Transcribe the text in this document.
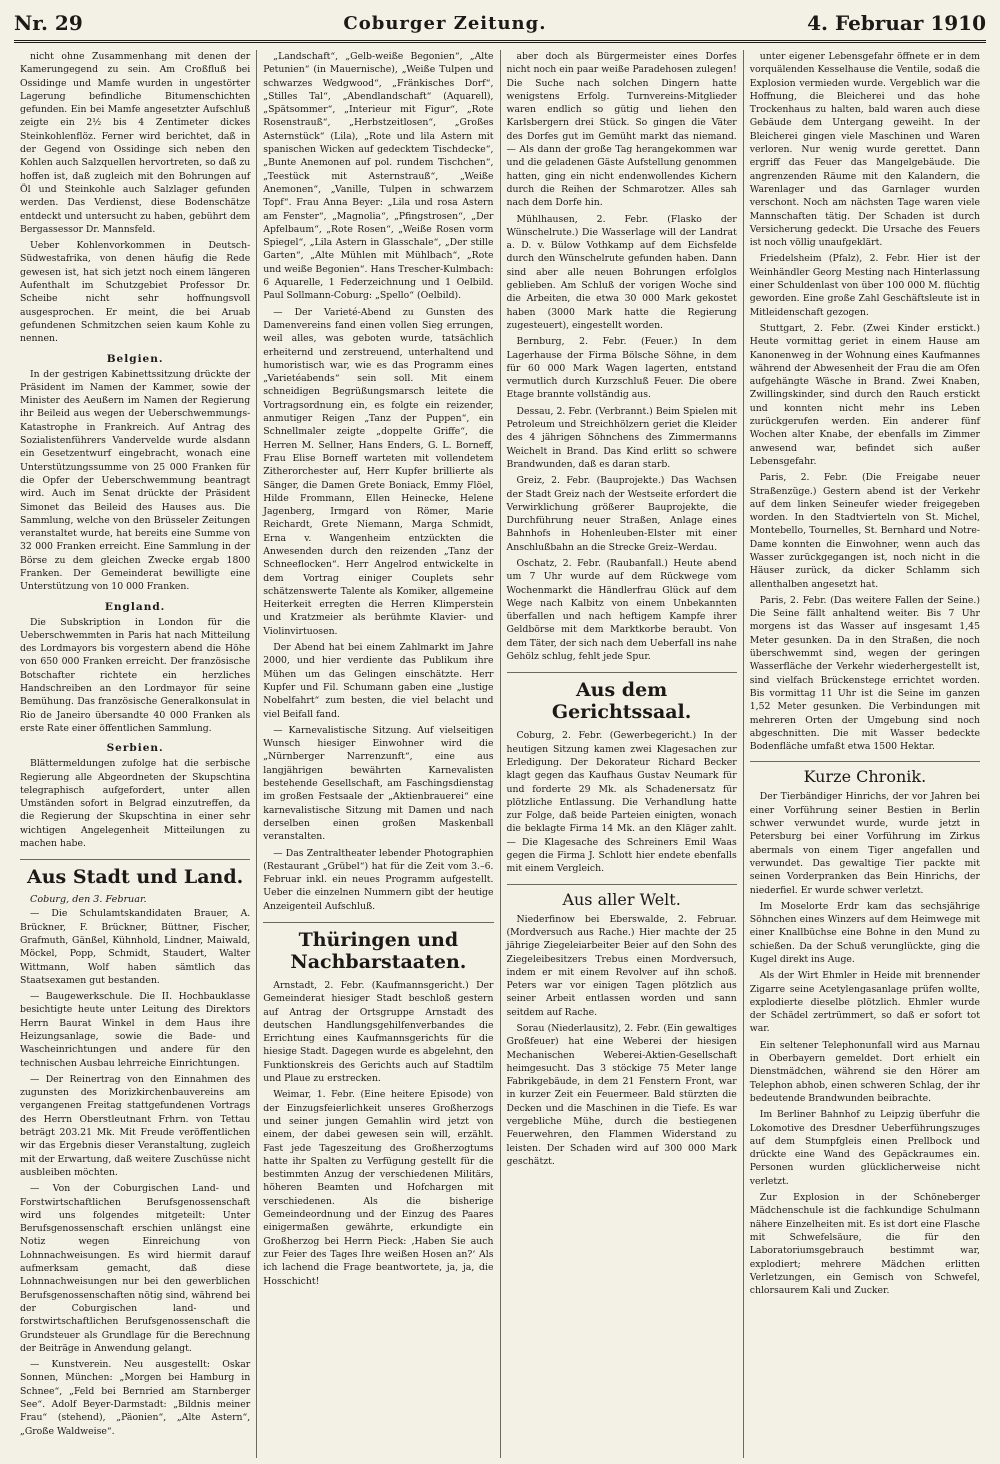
Nr. 29	Coburger Zeitung.	4. Februar 1910

nicht ohne Zusammenhang mit denen der Kamerungegend zu sein. Am Croßfluß bei Ossidinge und Mamfe wurden in ungestörter Lagerung befindliche Bitumenschichten gefunden. Ein bei Mamfe angesetzter Aufschluß zeigte ein 2½ bis 4 Zentimeter dickes Steinkohlenflöz. Ferner wird berichtet, daß in der Gegend von Ossidinge sich neben den Kohlen auch Salzquellen hervortreten, so daß zu hoffen ist, daß zugleich mit den Bohrungen auf Öl und Steinkohle auch Salzlager gefunden werden. Das Verdienst, diese Bodenschätze entdeckt und untersucht zu haben, gebührt dem Bergassessor Dr. Mannsfeld.

Ueber Kohlenvorkommen in Deutsch-Südwestafrika, von denen häufig die Rede gewesen ist, hat sich jetzt noch einem längeren Aufenthalt im Schutzgebiet Professor Dr. Scheibe nicht sehr hoffnungsvoll ausgesprochen. Er meint, die bei Aruab gefundenen Schmitzchen seien kaum Kohle zu nennen.

Belgien.

In der gestrigen Kabinettssitzung drückte der Präsident im Namen der Kammer, sowie der Minister des Aeußern im Namen der Regierung ihr Beileid aus wegen der Ueberschwemmungs-Katastrophe in Frankreich. Auf Antrag des Sozialistenführers Vandervelde wurde alsdann ein Gesetzentwurf eingebracht, wonach eine Unterstützungssumme von 25 000 Franken für die Opfer der Ueberschwemmung beantragt wird. Auch im Senat drückte der Präsident Simonet das Beileid des Hauses aus. Die Sammlung, welche von den Brüsseler Zeitungen veranstaltet wurde, hat bereits eine Summe von 32 000 Franken erreicht. Eine Sammlung in der Börse zu dem gleichen Zwecke ergab 1800 Franken. Der Gemeinderat bewilligte eine Unterstützung von 10 000 Franken.

England.

Die Subskription in London für die Ueberschwemmten in Paris hat nach Mitteilung des Lordmayors bis vorgestern abend die Höhe von 650 000 Franken erreicht. Der französische Botschafter richtete ein herzliches Handschreiben an den Lordmayor für seine Bemühung. Das französische Generalkonsulat in Rio de Janeiro übersandte 40 000 Franken als erste Rate einer öffentlichen Sammlung.

Serbien.

Blättermeldungen zufolge hat die serbische Regierung alle Abgeordneten der Skupschtina telegraphisch aufgefordert, unter allen Umständen sofort in Belgrad einzutreffen, da die Regierung der Skupschtina in einer sehr wichtigen Angelegenheit Mitteilungen zu machen habe.

Aus Stadt und Land.
Coburg, den 3. Februar.

— Die Schulamtskandidaten Brauer, A. Brückner, F. Brückner, Büttner, Fischer, Grafmuth, Gänßel, Kühnhold, Lindner, Maiwald, Möckel, Popp, Schmidt, Staudert, Walter Wittmann, Wolf haben sämtlich das Staatsexamen gut bestanden.

— Baugewerkschule. Die II. Hochbauklasse besichtigte heute unter Leitung des Direktors Herrn Baurat Winkel in dem Haus ihre Heizungsanlage, sowie die Bade- und Wascheinrichtungen und andere für den technischen Ausbau lehrreiche Einrichtungen.

— Der Reinertrag von den Einnahmen des zugunsten des Morizkirchenbauvereins am vergangenen Freitag stattgefundenen Vortrags des Herrn Oberstleutnant Frhrn. von Tettau beträgt 203.21 Mk. Mit Freude veröffentlichen wir das Ergebnis dieser Veranstaltung, zugleich mit der Erwartung, daß weitere Zuschüsse nicht ausbleiben möchten.

— Von der Coburgischen Land- und Forstwirtschaftlichen Berufsgenossenschaft wird uns folgendes mitgeteilt: Unter Berufsgenossenschaft erschien unlängst eine Notiz wegen Einreichung von Lohnnachweisungen. Es wird hiermit darauf aufmerksam gemacht, daß diese Lohnnachweisungen nur bei den gewerblichen Berufsgenossenschaften nötig sind, während bei der Coburgischen land- und forstwirtschaftlichen Berufsgenossenschaft die Grundsteuer als Grundlage für die Berechnung der Beiträge in Anwendung gelangt.

— Kunstverein. Neu ausgestellt: Oskar Sonnen, München: „Morgen bei Hamburg in Schnee“, „Feld bei Bernried am Starnberger See“. Adolf Beyer-Darmstadt: „Bildnis meiner Frau“ (stehend), „Päonien“, „Alte Astern“, „Große Waldweise“.

„Landschaft“, „Gelb-weiße Begonien“, „Alte Petunien“ (in Mauernische), „Weiße Tulpen und schwarzes Wedgwood“, „Fränkisches Dorf“, „Stilles Tal“, „Abendlandschaft“ (Aquarell), „Spätsommer“, „Interieur mit Figur“, „Rote Rosenstrauß“, „Herbstzeitlosen“, „Großes Asternstück“ (Lila), „Rote und lila Astern mit spanischen Wicken auf gedecktem Tischdecke“, „Bunte Anemonen auf pol. rundem Tischchen“, „Teestück mit Asternstrauß“, „Weiße Anemonen“, „Vanille, Tulpen in schwarzem Topf“. Frau Anna Beyer: „Lila und rosa Astern am Fenster“, „Magnolia“, „Pfingstrosen“, „Der Apfelbaum“, „Rote Rosen“, „Weiße Rosen vorm Spiegel“, „Lila Astern in Glasschale“, „Der stille Garten“, „Alte Mühlen mit Mühlbach“, „Rote und weiße Begonien“. Hans Trescher-Kulmbach: 6 Aquarelle, 1 Federzeichnung und 1 Oelbild. Paul Sollmann-Coburg: „Spello“ (Oelbild).

— Der Varieté-Abend zu Gunsten des Damenvereins fand einen vollen Sieg errungen, weil alles, was geboten wurde, tatsächlich erheiternd und zerstreuend, unterhaltend und humoristisch war, wie es das Programm eines „Varietéabends“ sein soll. Mit einem schneidigen Begrüßungsmarsch leitete die Vortragsordnung ein, es folgte ein reizender, anmutiger Reigen „Tanz der Puppen“, ein Schnellmaler zeigte „doppelte Griffe“, die Herren M. Sellner, Hans Enders, G. L. Borneff, Frau Elise Borneff warteten mit vollendetem Zitherorchester auf, Herr Kupfer brillierte als Sänger, die Damen Grete Boniack, Emmy Flöel, Hilde Frommann, Ellen Heinecke, Helene Jagenberg, Irmgard von Römer, Marie Reichardt, Grete Niemann, Marga Schmidt, Erna v. Wangenheim entzückten die Anwesenden durch den reizenden „Tanz der Schneeflocken“. Herr Angelrod entwickelte in dem Vortrag einiger Couplets sehr schätzenswerte Talente als Komiker, allgemeine Heiterkeit erregten die Herren Klimperstein und Kratzmeier als berühmte Klavier- und Violinvirtuosen.

Der Abend hat bei einem Zahlmarkt im Jahre 2000, und hier verdiente das Publikum ihre Mühen um das Gelingen einschätzte. Herr Kupfer und Fil. Schumann gaben eine „lustige Nobelfahrt“ zum besten, die viel belacht und viel Beifall fand.

— Karnevalistische Sitzung. Auf vielseitigen Wunsch hiesiger Einwohner wird die „Nürnberger Narrenzunft“, eine aus langjährigen bewährten Karnevalisten bestehende Gesellschaft, am Faschingsdienstag im großen Festsaale der „Aktienbrauerei“ eine karnevalistische Sitzung mit Damen und nach derselben einen großen Maskenball veranstalten.

— Das Zentraltheater lebender Photographien (Restaurant „Grübel“) hat für die Zeit vom 3.–6. Februar inkl. ein neues Programm aufgestellt. Ueber die einzelnen Nummern gibt der heutige Anzeigenteil Aufschluß.

Thüringen und Nachbarstaaten.

Arnstadt, 2. Febr. (Kaufmannsgericht.) Der Gemeinderat hiesiger Stadt beschloß gestern auf Antrag der Ortsgruppe Arnstadt des deutschen Handlungsgehilfenverbandes die Errichtung eines Kaufmannsgerichts für die hiesige Stadt. Dagegen wurde es abgelehnt, den Funktionskreis des Gerichts auch auf Stadtilm und Plaue zu erstrecken.

Weimar, 1. Febr. (Eine heitere Episode) von der Einzugsfeierlichkeit unseres Großherzogs und seiner jungen Gemahlin wird jetzt von einem, der dabei gewesen sein will, erzählt. Fast jede Tageszeitung des Großherzogtums hatte ihr Spalten zu Verfügung gestellt für die bestimmten Anzug der verschiedenen Militärs, höheren Beamten und Hofchargen mit verschiedenen. Als die bisherige Gemeindeordnung und der Einzug des Paares einigermaßen gewährte, erkundigte ein Großherzog bei Herrn Pieck: ‚Haben Sie auch zur Feier des Tages Ihre weißen Hosen an?‘ Als ich lachend die Frage beantwortete, ja, ja, die Hosschicht!

aber doch als Bürgermeister eines Dorfes nicht noch ein paar weiße Paradehosen zulegen! Die Suche nach solchen Dingern hatte wenigstens Erfolg. Turnvereins-Mitglieder waren endlich so gütig und liehen den Karlsbergern drei Stück. So gingen die Väter des Dorfes gut im Gemüht markt das niemand. — Als dann der große Tag herangekommen war und die geladenen Gäste Aufstellung genommen hatten, ging ein nicht endenwollendes Kichern durch die Reihen der Schmarotzer. Alles sah nach dem Dorfe hin.

Mühlhausen, 2. Febr. (Flasko der Wünschelrute.) Die Wasserlage will der Landrat a. D. v. Bülow Vothkamp auf dem Eichsfelde durch den Wünschelrute gefunden haben. Dann sind aber alle neuen Bohrungen erfolglos geblieben. Am Schluß der vorigen Woche sind die Arbeiten, die etwa 30 000 Mark gekostet haben (3000 Mark hatte die Regierung zugesteuert), eingestellt worden.

Bernburg, 2. Febr. (Feuer.) In dem Lagerhause der Firma Bölsche Söhne, in dem für 60 000 Mark Wagen lagerten, entstand vermutlich durch Kurzschluß Feuer. Die obere Etage brannte vollständig aus.

Dessau, 2. Febr. (Verbrannt.) Beim Spielen mit Petroleum und Streichhölzern geriet die Kleider des 4 jährigen Söhnchens des Zimmermanns Weichelt in Brand. Das Kind erlitt so schwere Brandwunden, daß es daran starb.

Greiz, 2. Febr. (Bauprojekte.) Das Wachsen der Stadt Greiz nach der Westseite erfordert die Verwirklichung größerer Bauprojekte, die Durchführung neuer Straßen, Anlage eines Bahnhofs in Hohenleuben-Elster mit einer Anschlußbahn an die Strecke Greiz–Werdau.

Oschatz, 2. Febr. (Raubanfall.) Heute abend um 7 Uhr wurde auf dem Rückwege vom Wochenmarkt die Händlerfrau Glück auf dem Wege nach Kalbitz von einem Unbekannten überfallen und nach heftigem Kampfe ihrer Geldbörse mit dem Marktkorbe beraubt. Von dem Täter, der sich nach dem Ueberfall ins nahe Gehölz schlug, fehlt jede Spur.

Aus dem Gerichtssaal.

Coburg, 2. Febr. (Gewerbegericht.) In der heutigen Sitzung kamen zwei Klagesachen zur Erledigung. Der Dekorateur Richard Becker klagt gegen das Kaufhaus Gustav Neumark für und forderte 29 Mk. als Schadenersatz für plötzliche Entlassung. Die Verhandlung hatte zur Folge, daß beide Parteien einigten, wonach die beklagte Firma 14 Mk. an den Kläger zahlt. — Die Klagesache des Schreiners Emil Waas gegen die Firma J. Schlott hier endete ebenfalls mit einem Vergleich.

Aus aller Welt.

Niederfinow bei Eberswalde, 2. Februar. (Mordversuch aus Rache.) Hier machte der 25 jährige Ziegeleiarbeiter Beier auf den Sohn des Ziegeleibesitzers Trebus einen Mordversuch, indem er mit einem Revolver auf ihn schoß. Peters war vor einigen Tagen plötzlich aus seiner Arbeit entlassen worden und sann seitdem auf Rache.

Sorau (Niederlausitz), 2. Febr. (Ein gewaltiges Großfeuer) hat eine Weberei der hiesigen Mechanischen Weberei-Aktien-Gesellschaft heimgesucht. Das 3 stöckige 75 Meter lange Fabrikgebäude, in dem 21 Fenstern Front, war in kurzer Zeit ein Feuermeer. Bald stürzten die Decken und die Maschinen in die Tiefe. Es war vergebliche Mühe, durch die bestiegenen Feuerwehren, den Flammen Widerstand zu leisten. Der Schaden wird auf 300 000 Mark geschätzt.

unter eigener Lebensgefahr öffnete er in dem vorquälenden Kesselhause die Ventile, sodaß die Explosion vermieden wurde. Vergeblich war die Hoffnung, die Bleicherei und das hohe Trockenhaus zu halten, bald waren auch diese Gebäude dem Untergang geweiht. In der Bleicherei gingen viele Maschinen und Waren verloren. Nur wenig wurde gerettet. Dann ergriff das Feuer das Mangelgebäude. Die angrenzenden Räume mit den Kalandern, die Warenlager und das Garnlager wurden verschont. Noch am nächsten Tage waren viele Mannschaften tätig. Der Schaden ist durch Versicherung gedeckt. Die Ursache des Feuers ist noch völlig unaufgeklärt.

Friedelsheim (Pfalz), 2. Febr. Hier ist der Weinhändler Georg Mesting nach Hinterlassung einer Schuldenlast von über 100 000 M. flüchtig geworden. Eine große Zahl Geschäftsleute ist in Mitleidenschaft gezogen.

Stuttgart, 2. Febr. (Zwei Kinder erstickt.) Heute vormittag geriet in einem Hause am Kanonenweg in der Wohnung eines Kaufmannes während der Abwesenheit der Frau die am Ofen aufgehängte Wäsche in Brand. Zwei Knaben, Zwillingskinder, sind durch den Rauch erstickt und konnten nicht mehr ins Leben zurückgerufen werden. Ein anderer fünf Wochen alter Knabe, der ebenfalls im Zimmer anwesend war, befindet sich außer Lebensgefahr.

Paris, 2. Febr. (Die Freigabe neuer Straßenzüge.) Gestern abend ist der Verkehr auf dem linken Seineufer wieder freigegeben worden. In den Stadtvierteln von St. Michel, Montebello, Tournelles, St. Bernhard und Notre-Dame konnten die Einwohner, wenn auch das Wasser zurückgegangen ist, noch nicht in die Häuser zurück, da dicker Schlamm sich allenthalben angesetzt hat.

Paris, 2. Febr. (Das weitere Fallen der Seine.) Die Seine fällt anhaltend weiter. Bis 7 Uhr morgens ist das Wasser auf insgesamt 1,45 Meter gesunken. Da in den Straßen, die noch überschwemmt sind, wegen der geringen Wasserfläche der Verkehr wiederhergestellt ist, sind vielfach Brückenstege errichtet worden. Bis vormittag 11 Uhr ist die Seine im ganzen 1,52 Meter gesunken. Die Verbindungen mit mehreren Orten der Umgebung sind noch abgeschnitten. Die mit Wasser bedeckte Bodenfläche umfaßt etwa 1500 Hektar.

Kurze Chronik.

Der Tierbändiger Hinrichs, der vor Jahren bei einer Vorführung seiner Bestien in Berlin schwer verwundet wurde, wurde jetzt in Petersburg bei einer Vorführung im Zirkus abermals von einem Tiger angefallen und verwundet. Das gewaltige Tier packte mit seinen Vorderpranken das Bein Hinrichs, der niederfiel. Er wurde schwer verletzt.

Im Moselorte Erdr kam das sechsjährige Söhnchen eines Winzers auf dem Heimwege mit einer Knallbüchse eine Bohne in den Mund zu schießen. Da der Schuß verunglückte, ging die Kugel direkt ins Auge.

Als der Wirt Ehmler in Heide mit brennender Zigarre seine Acetylengasanlage prüfen wollte, explodierte dieselbe plötzlich. Ehmler wurde der Schädel zertrümmert, so daß er sofort tot war.

Ein seltener Telephonunfall wird aus Marnau in Oberbayern gemeldet. Dort erhielt ein Dienstmädchen, während sie den Hörer am Telephon abhob, einen schweren Schlag, der ihr bedeutende Brandwunden beibrachte.

Im Berliner Bahnhof zu Leipzig überfuhr die Lokomotive des Dresdner Ueberführungszuges auf dem Stumpfgleis einen Prellbock und drückte eine Wand des Gepäckraumes ein. Personen wurden glücklicherweise nicht verletzt.

Zur Explosion in der Schöneberger Mädchenschule ist die fachkundige Schulmann nähere Einzelheiten mit. Es ist dort eine Flasche mit Schwefelsäure, die für den Laboratoriumsgebrauch bestimmt war, explodiert; mehrere Mädchen erlitten Verletzungen, ein Gemisch von Schwefel, chlorsaurem Kali und Zucker.
